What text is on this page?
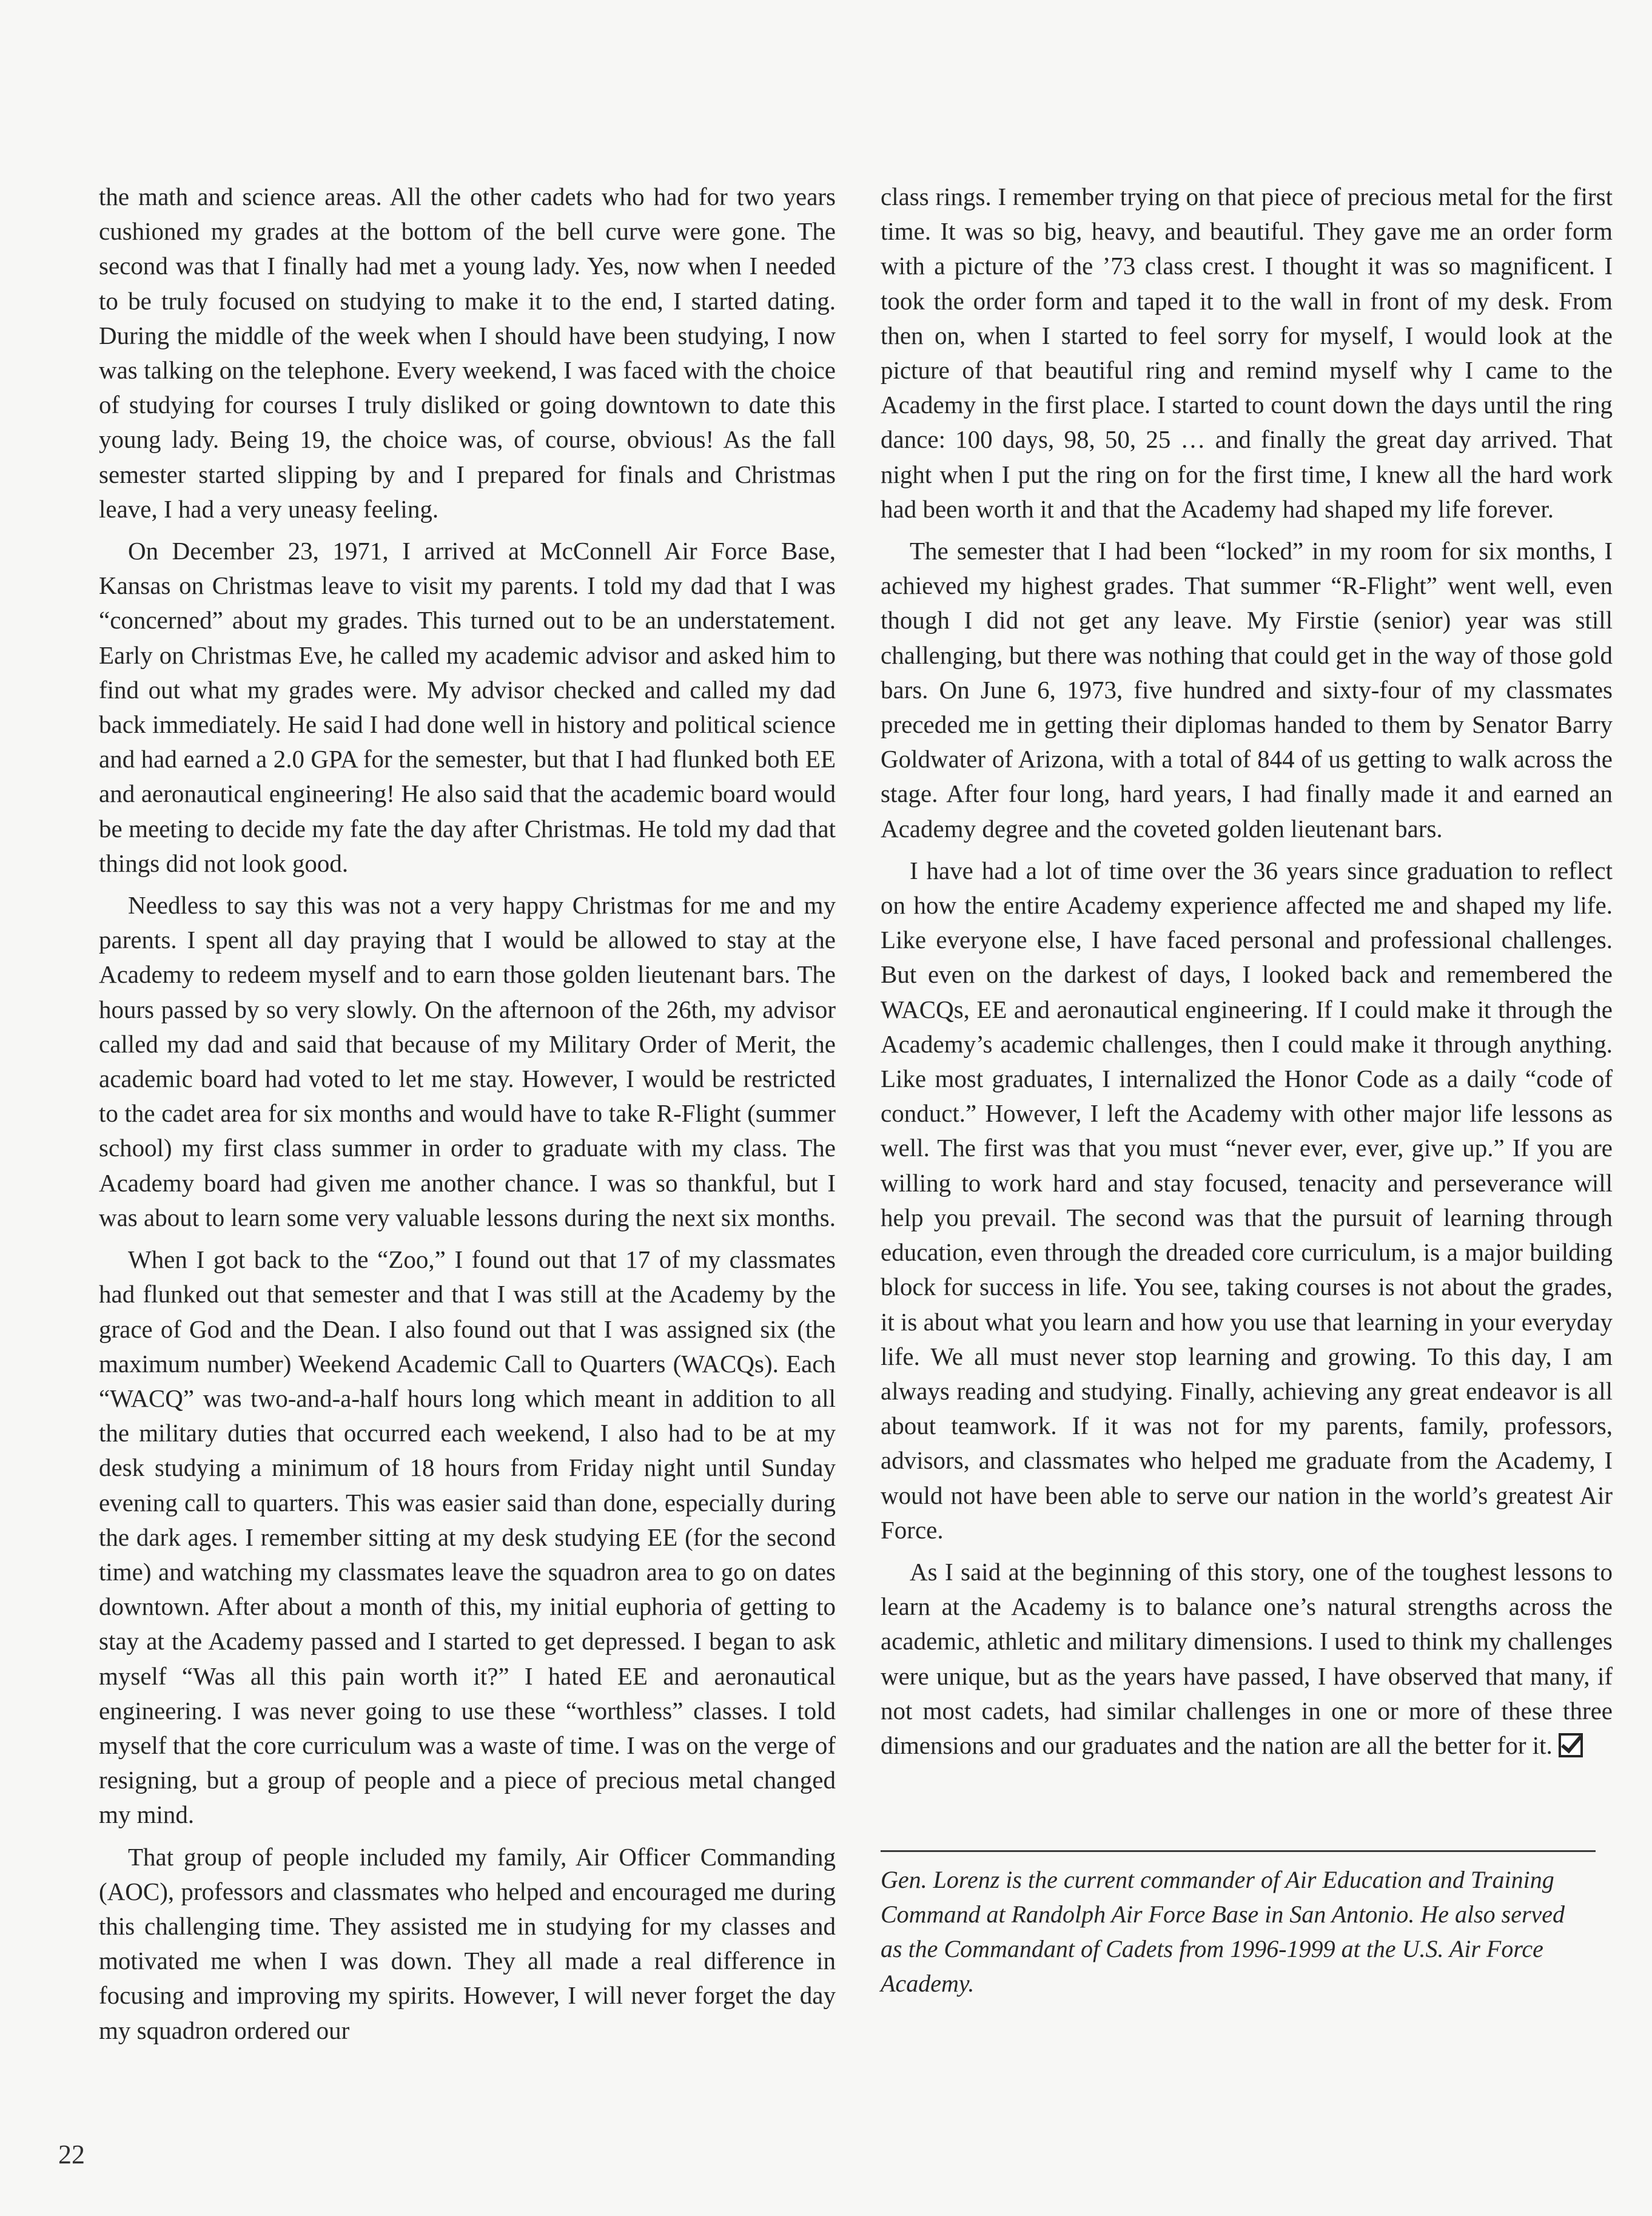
the math and science areas. All the other cadets who had for two years cushioned my grades at the bottom of the bell curve were gone. The second was that I finally had met a young lady. Yes, now when I needed to be truly focused on studying to make it to the end, I started dating. During the middle of the week when I should have been studying, I now was talking on the telephone. Every weekend, I was faced with the choice of studying for courses I truly disliked or going downtown to date this young lady. Being 19, the choice was, of course, obvious! As the fall semester started slipping by and I prepared for finals and Christmas leave, I had a very uneasy feeling.

On December 23, 1971, I arrived at McConnell Air Force Base, Kansas on Christmas leave to visit my parents. I told my dad that I was “concerned” about my grades. This turned out to be an understatement. Early on Christmas Eve, he called my academic advisor and asked him to find out what my grades were. My advisor checked and called my dad back immediately. He said I had done well in history and political science and had earned a 2.0 GPA for the semester, but that I had flunked both EE and aeronautical engineering! He also said that the academic board would be meeting to decide my fate the day after Christmas. He told my dad that things did not look good.

Needless to say this was not a very happy Christmas for me and my parents. I spent all day praying that I would be allowed to stay at the Academy to redeem myself and to earn those golden lieutenant bars. The hours passed by so very slowly. On the afternoon of the 26th, my advisor called my dad and said that because of my Military Order of Merit, the academic board had voted to let me stay. However, I would be restricted to the cadet area for six months and would have to take R-Flight (summer school) my first class summer in order to graduate with my class. The Academy board had given me another chance. I was so thankful, but I was about to learn some very valuable lessons during the next six months.

When I got back to the “Zoo,” I found out that 17 of my classmates had flunked out that semester and that I was still at the Academy by the grace of God and the Dean. I also found out that I was assigned six (the maximum number) Weekend Academic Call to Quarters (WACQs). Each “WACQ” was two-and-a-half hours long which meant in addition to all the military duties that occurred each weekend, I also had to be at my desk studying a minimum of 18 hours from Friday night until Sunday evening call to quarters. This was easier said than done, especially during the dark ages. I remember sitting at my desk studying EE (for the second time) and watching my classmates leave the squadron area to go on dates downtown. After about a month of this, my initial euphoria of getting to stay at the Academy passed and I started to get depressed. I began to ask myself “Was all this pain worth it?” I hated EE and aeronautical engineering. I was never going to use these “worthless” classes. I told myself that the core curriculum was a waste of time. I was on the verge of resigning, but a group of people and a piece of precious metal changed my mind.

That group of people included my family, Air Officer Commanding (AOC), professors and classmates who helped and encouraged me during this challenging time. They assisted me in studying for my classes and motivated me when I was down. They all made a real difference in focusing and improving my spirits. However, I will never forget the day my squadron ordered our

class rings. I remember trying on that piece of precious metal for the first time. It was so big, heavy, and beautiful. They gave me an order form with a picture of the ’73 class crest. I thought it was so magnificent. I took the order form and taped it to the wall in front of my desk. From then on, when I started to feel sorry for myself, I would look at the picture of that beautiful ring and remind myself why I came to the Academy in the first place. I started to count down the days until the ring dance: 100 days, 98, 50, 25 … and finally the great day arrived. That night when I put the ring on for the first time, I knew all the hard work had been worth it and that the Academy had shaped my life forever.

The semester that I had been “locked” in my room for six months, I achieved my highest grades. That summer “R-Flight” went well, even though I did not get any leave. My Firstie (senior) year was still challenging, but there was nothing that could get in the way of those gold bars. On June 6, 1973, five hundred and sixty-four of my classmates preceded me in getting their diplomas handed to them by Senator Barry Goldwater of Arizona, with a total of 844 of us getting to walk across the stage. After four long, hard years, I had finally made it and earned an Academy degree and the coveted golden lieutenant bars.

I have had a lot of time over the 36 years since graduation to reflect on how the entire Academy experience affected me and shaped my life. Like everyone else, I have faced personal and professional challenges. But even on the darkest of days, I looked back and remembered the WACQs, EE and aeronautical engineering. If I could make it through the Academy’s academic challenges, then I could make it through anything. Like most graduates, I internalized the Honor Code as a daily “code of conduct.” However, I left the Academy with other major life lessons as well. The first was that you must “never ever, ever, give up.” If you are willing to work hard and stay focused, tenacity and perseverance will help you prevail. The second was that the pursuit of learning through education, even through the dreaded core curriculum, is a major building block for success in life. You see, taking courses is not about the grades, it is about what you learn and how you use that learning in your everyday life. We all must never stop learning and growing. To this day, I am always reading and studying. Finally, achieving any great endeavor is all about teamwork. If it was not for my parents, family, professors, advisors, and classmates who helped me graduate from the Academy, I would not have been able to serve our nation in the world’s greatest Air Force.

As I said at the beginning of this story, one of the toughest lessons to learn at the Academy is to balance one’s natural strengths across the academic, athletic and military dimensions. I used to think my challenges were unique, but as the years have passed, I have observed that many, if not most cadets, had similar challenges in one or more of these three dimensions and our graduates and the nation are all the better for it.

Gen. Lorenz is the current commander of Air Education and Training Command at Randolph Air Force Base in San Antonio. He also served as the Commandant of Cadets from 1996-1999 at the U.S. Air Force Academy.
22
